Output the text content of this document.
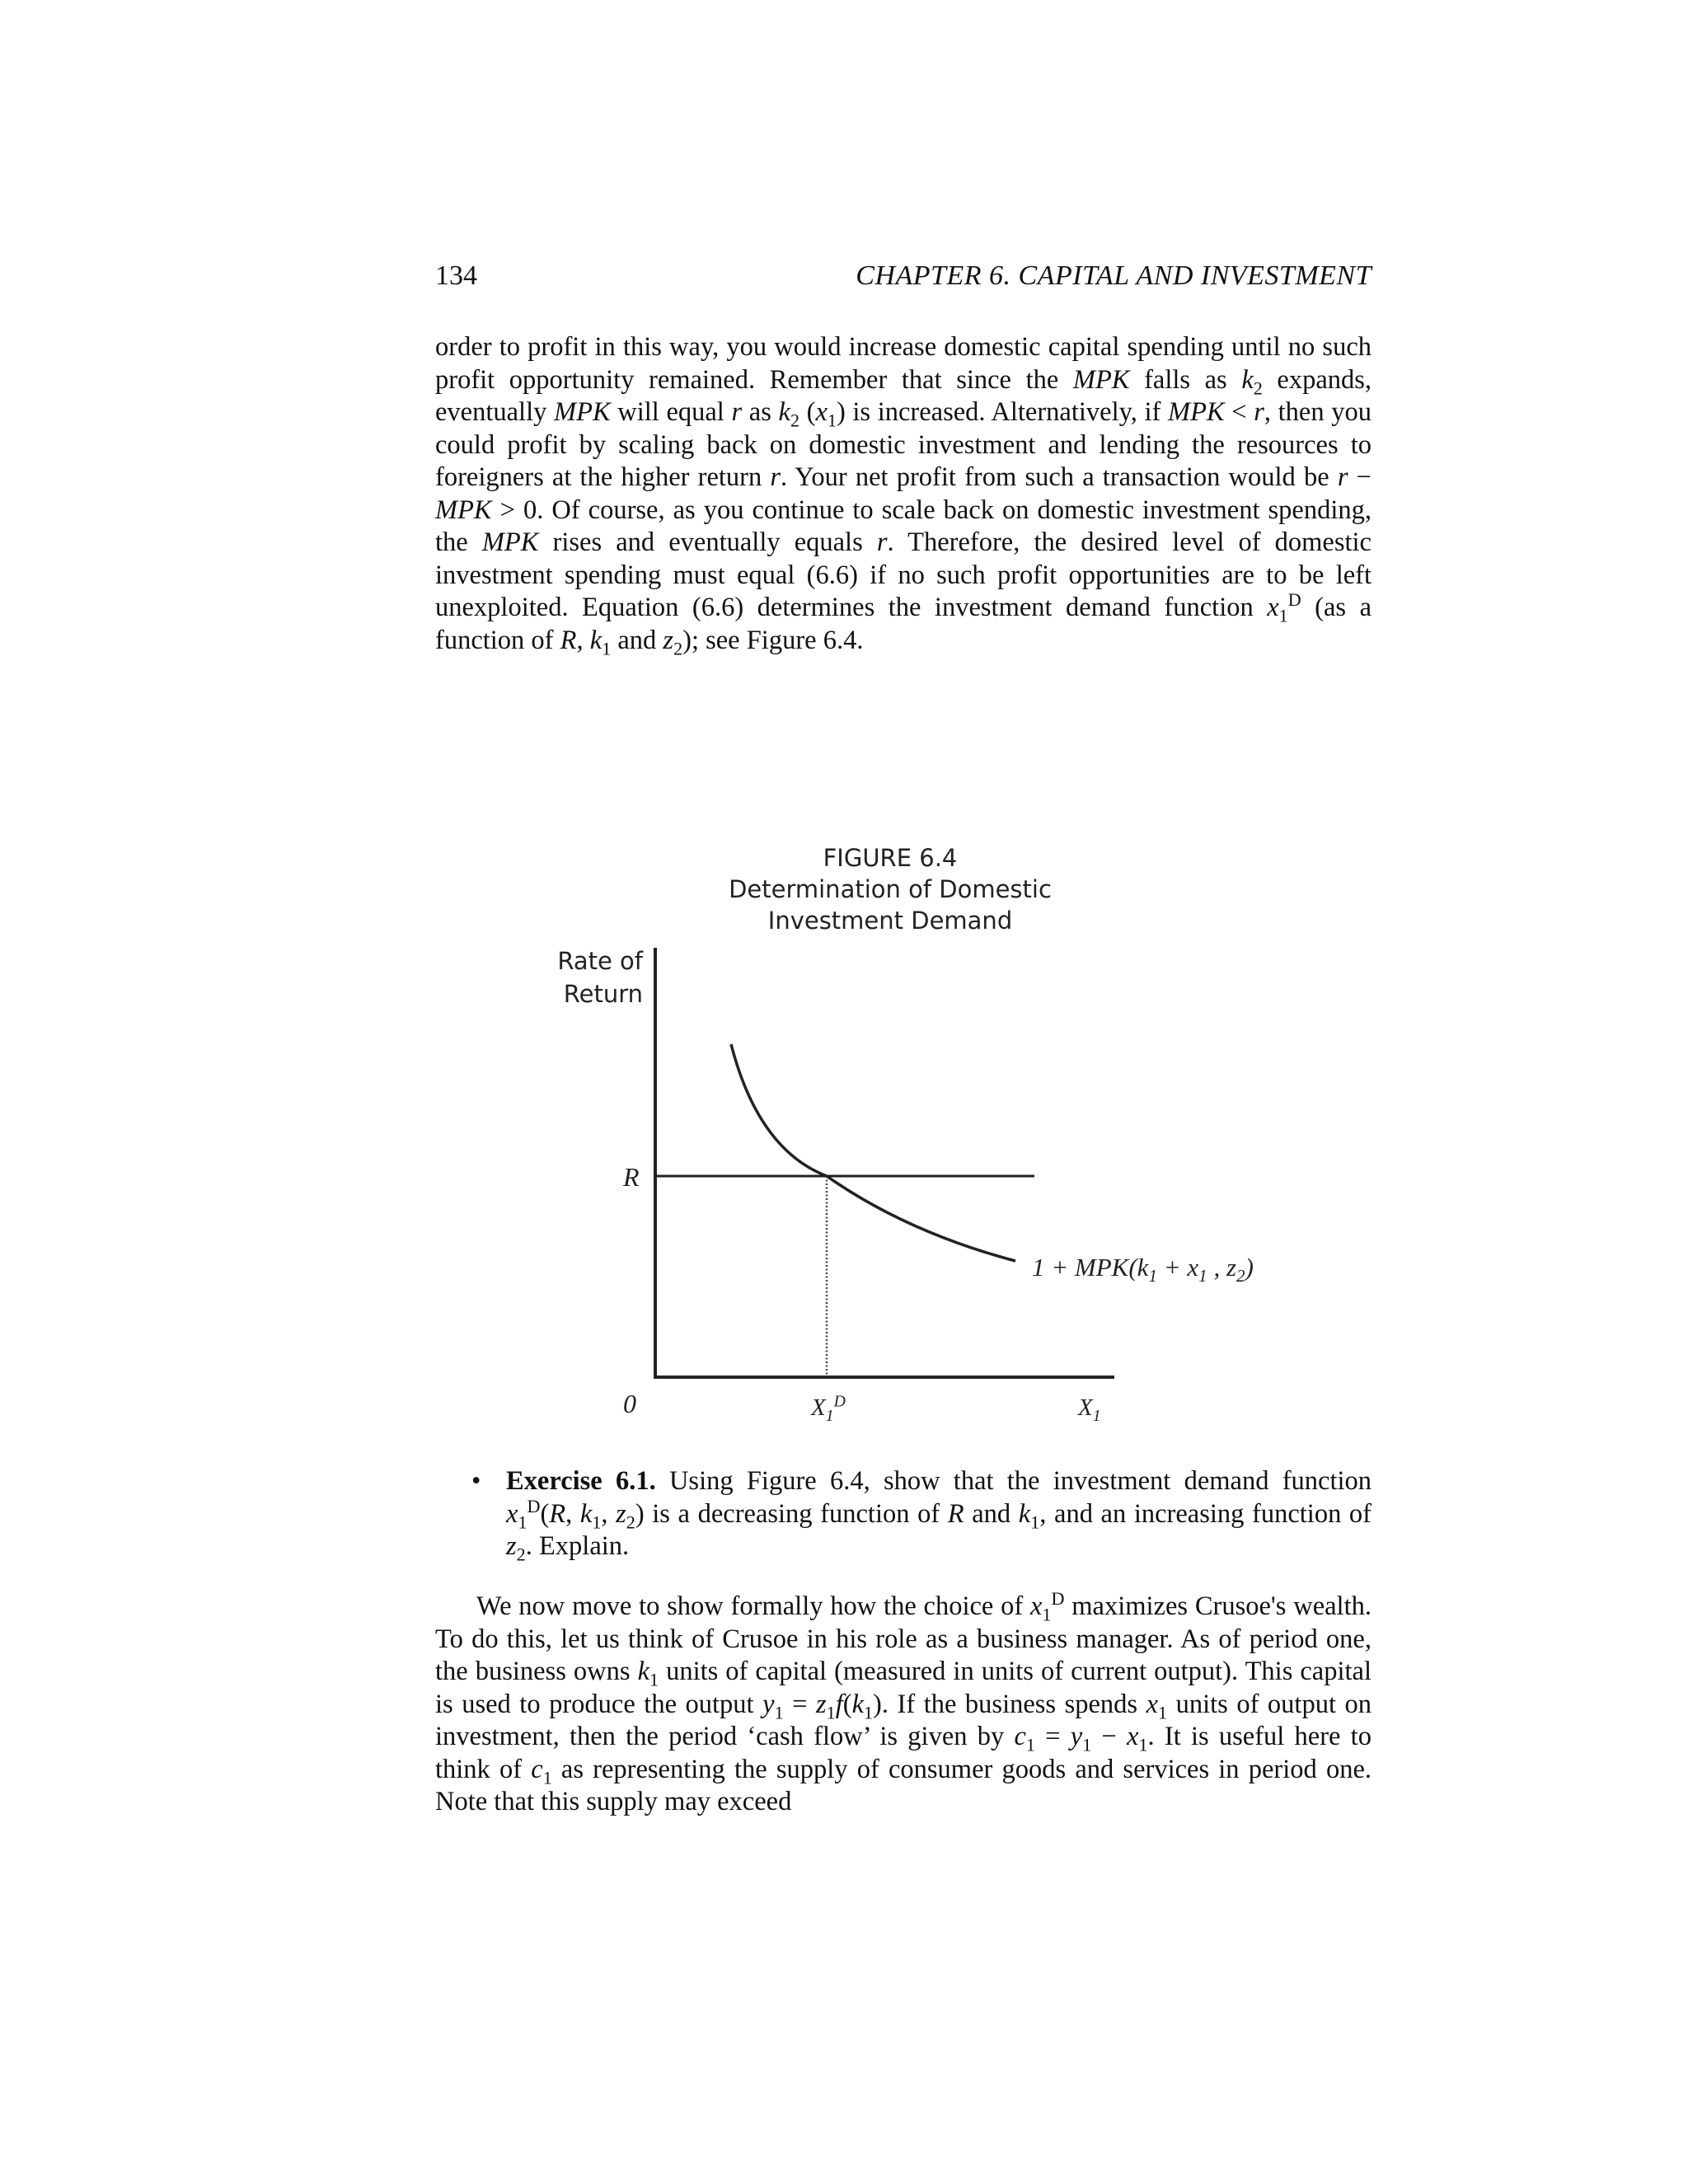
134	CHAPTER 6. CAPITAL AND INVESTMENT

order to profit in this way, you would increase domestic capital spending until no such profit opportunity remained. Remember that since the MPK falls as $k_2$ expands, eventually MPK will equal r as $k_2$ $(x_1)$ is increased. Alternatively, if MPK < r, then you could profit by scaling back on domestic investment and lending the resources to foreigners at the higher return r. Your net profit from such a transaction would be r − MPK > 0. Of course, as you continue to scale back on domestic investment spending, the MPK rises and eventually equals r. Therefore, the desired level of domestic investment spending must equal (6.6) if no such profit opportunities are to be left unexploited. Equation (6.6) determines the investment demand function $x_1^D$ (as a function of R, $k_1$ and $z_2$); see Figure 6.4.

FIGURE 6.4
Determination of Domestic
Investment Demand
Rate of
Return
R
0	$X_1^D$	$X_1$
$1 + MPK(k_1 + x_1$ , $z_2$)
• Exercise 6.1. Using Figure 6.4, show that the investment demand function $x_1^D(R$, $k_1$, $z_2$) is a decreasing function of R and $k_1$, and an increasing function of $z_2$. Explain.

We now move to show formally how the choice of $x_1^D$ maximizes Crusoe's wealth. To do this, let us think of Crusoe in his role as a business manager. As of period one, the business owns $k_1$ units of capital (measured in units of current output). This capital is used to produce the output $y_1 = z_1f(k_1)$. If the business spends $x_1$ units of output on investment, then the period ‘cash flow’ is given by $c_1 = y_1 - x_1$. It is useful here to think of $c_1$ as representing the supply of consumer goods and services in period one. Note that this supply may exceed
